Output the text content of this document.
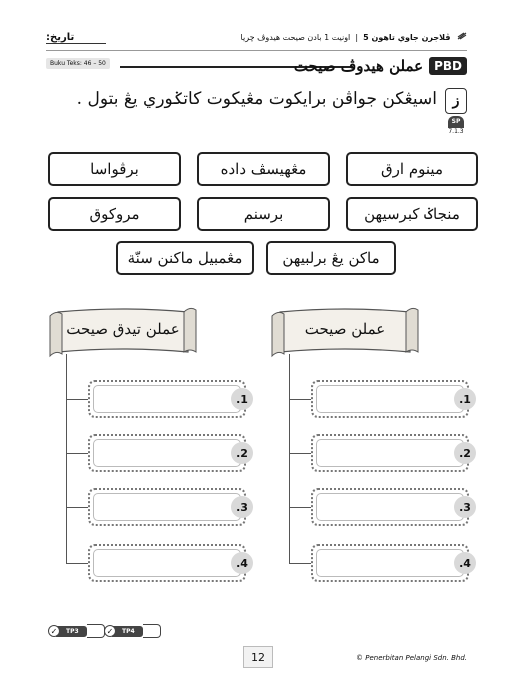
تاريخ:	ڤلاجرن جاوي تاهون 5  |  اونيت 1 بادن صيحت هيدوڤ چريا
Buku Teks: 46 – 50	PBD
عملن هيدوڤ صيحت
ز
SP
7.1.3
اسيڠكن جواڤن برايكوت مڠيكوت كاتݢوري يڠ بتول .
مينوم ارق
مڠهيسڤ داده
برڤواسا
منجاݢ كبرسيهن
برسنم
مروكوق
ماكن يڠ برلبيهن
مڠمبيل ماكنن سنّة
عملن صيحت
.1
.2
.3
.4
عملن تيدق صيحت
.1
.2
.3
.4
✓	TP3	✓	TP4
12	© Penerbitan Pelangi Sdn. Bhd.
